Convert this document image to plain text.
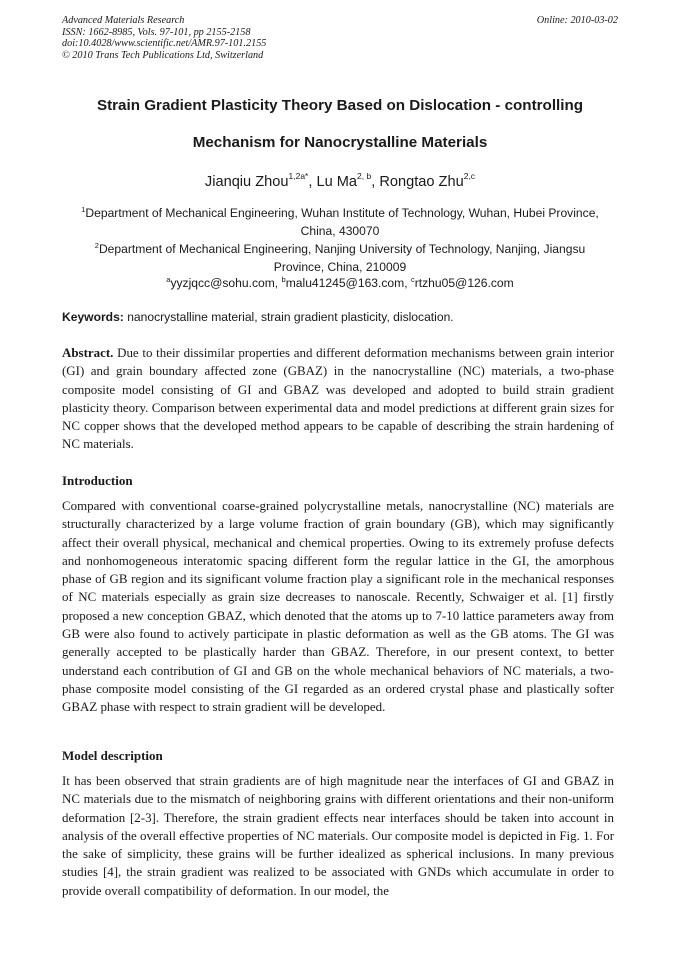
Advanced Materials Research
ISSN: 1662-8985, Vols. 97-101, pp 2155-2158
doi:10.4028/www.scientific.net/AMR.97-101.2155
© 2010 Trans Tech Publications Ltd, Switzerland
Online: 2010-03-02
Strain Gradient Plasticity Theory Based on Dislocation - controlling
Mechanism for Nanocrystalline Materials
Jianqiu Zhou$^{1,2a*}$, Lu Ma$^{2, b}$, Rongtao Zhu$^{2,c}$
$^1$Department of Mechanical Engineering, Wuhan Institute of Technology, Wuhan, Hubei Province,
China, 430070
$^2$Department of Mechanical Engineering, Nanjing University of Technology, Nanjing, Jiangsu
Province, China, 210009
$^a$yyzjqcc@sohu.com, $^b$malu41245@163.com, $^c$rtzhu05@126.com
Keywords: nanocrystalline material, strain gradient plasticity, dislocation.
Abstract. Due to their dissimilar properties and different deformation mechanisms between grain interior (GI) and grain boundary affected zone (GBAZ) in the nanocrystalline (NC) materials, a two-phase composite model consisting of GI and GBAZ was developed and adopted to build strain gradient plasticity theory. Comparison between experimental data and model predictions at different grain sizes for NC copper shows that the developed method appears to be capable of describing the strain hardening of NC materials.
Introduction
Compared with conventional coarse-grained polycrystalline metals, nanocrystalline (NC) materials are structurally characterized by a large volume fraction of grain boundary (GB), which may significantly affect their overall physical, mechanical and chemical properties. Owing to its extremely profuse defects and nonhomogeneous interatomic spacing different form the regular lattice in the GI, the amorphous phase of GB region and its significant volume fraction play a significant role in the mechanical responses of NC materials especially as grain size decreases to nanoscale. Recently, Schwaiger et al. [1] firstly proposed a new conception GBAZ, which denoted that the atoms up to 7-10 lattice parameters away from GB were also found to actively participate in plastic deformation as well as the GB atoms. The GI was generally accepted to be plastically harder than GBAZ. Therefore, in our present context, to better understand each contribution of GI and GB on the whole mechanical behaviors of NC materials, a two-phase composite model consisting of the GI regarded as an ordered crystal phase and plastically softer GBAZ phase with respect to strain gradient will be developed.
Model description
It has been observed that strain gradients are of high magnitude near the interfaces of GI and GBAZ in NC materials due to the mismatch of neighboring grains with different orientations and their non-uniform deformation [2-3]. Therefore, the strain gradient effects near interfaces should be taken into account in analysis of the overall effective properties of NC materials. Our composite model is depicted in Fig. 1. For the sake of simplicity, these grains will be further idealized as spherical inclusions. In many previous studies [4], the strain gradient was realized to be associated with GNDs which accumulate in order to provide overall compatibility of deformation. In our model, the
